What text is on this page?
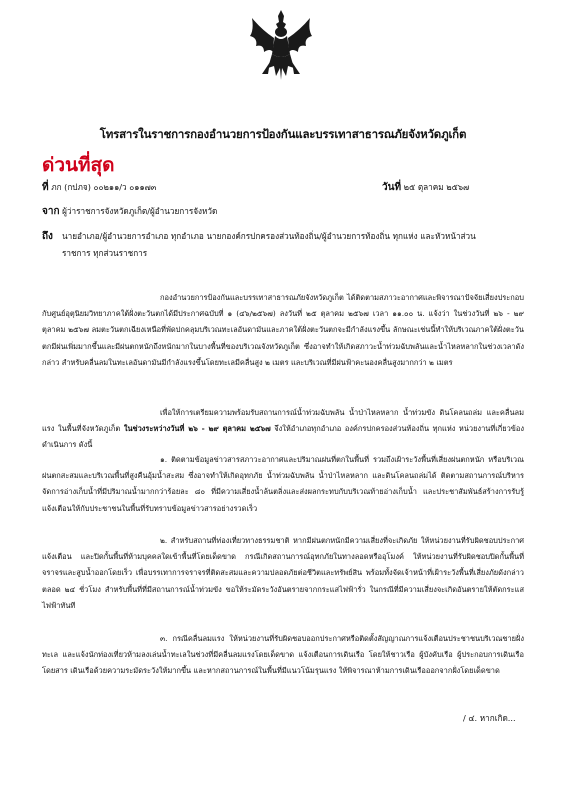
โทรสารในราชการกองอำนวยการป้องกันและบรรเทาสาธารณภัยจังหวัดภูเก็ต
ด่วนที่สุด
ที่ ภก (กปภจ) ๐๐๒๑๑/ว ๐๑๑๗๓	วันที่ ๒๕ ตุลาคม ๒๕๖๗
จาก ผู้ว่าราชการจังหวัดภูเก็ต/ผู้อำนวยการจังหวัด
ถึง นายอำเภอ/ผู้อำนวยการอำเภอ ทุกอำเภอ นายกองค์กรปกครองส่วนท้องถิ่น/ผู้อำนวยการท้องถิ่น ทุกแห่ง และหัวหน้าส่วนราชการ ทุกส่วนราชการ
กองอำนวยการป้องกันและบรรเทาสาธารณภัยจังหวัดภูเก็ต ได้ติดตามสภาวะอากาศและพิจารณาปัจจัยเสี่ยงประกอบกับศูนย์อุตุนิยมวิทยาภาคใต้ฝั่งตะวันตกได้มีประกาศฉบับที่ ๑ (๔๖/๒๕๖๗) ลงวันที่ ๒๕ ตุลาคม ๒๕๖๗ เวลา ๑๑.๐๐ น. แจ้งว่า ในช่วงวันที่ ๒๖ - ๒๙ ตุลาคม ๒๕๖๗ ลมตะวันตกเฉียงเหนือที่พัดปกคลุมบริเวณทะเลอันดามันและภาคใต้ฝั่งตะวันตกจะมีกำลังแรงขึ้น ลักษณะเช่นนี้ทำให้บริเวณภาคใต้ฝั่งตะวันตกมีฝนเพิ่มมากขึ้นและมีฝนตกหนักถึงหนักมากในบางพื้นที่ของบริเวณจังหวัดภูเก็ต ซึ่งอาจทำให้เกิดสภาวะน้ำท่วมฉับพลันและน้ำไหลหลากในช่วงเวลาดังกล่าว สำหรับคลื่นลมในทะเลอันดามันมีกำลังแรงขึ้นโดยทะเลมีคลื่นสูง ๒ เมตร และบริเวณที่มีฝนฟ้าคะนองคลื่นสูงมากกว่า ๒ เมตร
เพื่อให้การเตรียมความพร้อมรับสถานการณ์น้ำท่วมฉับพลัน น้ำป่าไหลหลาก น้ำท่วมขัง ดินโคลนถล่ม และคลื่นลมแรง ในพื้นที่จังหวัดภูเก็ต ในช่วงระหว่างวันที่ ๒๖ - ๒๙ ตุลาคม ๒๕๖๗ จึงให้อำเภอทุกอำเภอ องค์กรปกครองส่วนท้องถิ่น ทุกแห่ง หน่วยงานที่เกี่ยวข้องดำเนินการ ดังนี้
๑. ติดตามข้อมูลข่าวสารสภาวะอากาศและปริมาณฝนที่ตกในพื้นที่ รวมถึงเฝ้าระวังพื้นที่เสี่ยงฝนตกหนัก หรือบริเวณฝนตกสะสมและบริเวณพื้นที่สูงคืนอุ้มน้ำสะสม ซึ่งอาจทำให้เกิดอุทกภัย น้ำท่วมฉับพลัน น้ำป่าไหลหลาก และดินโคลนถล่มได้ ติดตามสถานการณ์บริหารจัดการอ่างเก็บน้ำที่มีปริมาณน้ำมากกว่าร้อยละ ๘๐ ที่มีความเสี่ยงน้ำล้นตลิ่งและส่งผลกระทบกับบริเวณท้ายอ่างเก็บน้ำ และประชาสัมพันธ์สร้างการรับรู้ แจ้งเตือนให้กับประชาชนในพื้นที่รับทราบข้อมูลข่าวสารอย่างรวดเร็ว
๒. สำหรับสถานที่ท่องเที่ยวทางธรรมชาติ หากมีฝนตกหนักมีความเสี่ยงที่จะเกิดภัย ให้หน่วยงานที่รับผิดชอบประกาศแจ้งเตือน และปิดกั้นพื้นที่ห้ามบุคคลใดเข้าพื้นที่โดยเด็ดขาด กรณีเกิดสถานการณ์อุทกภัยในทางลอดหรืออุโมงค์ ให้หน่วยงานที่รับผิดชอบปิดกั้นพื้นที่จราจรและสูบน้ำออกโดยเร็ว เพื่อบรรเทาการจราจรที่ติดสะสมและความปลอดภัยต่อชีวิตและทรัพย์สิน พร้อมทั้งจัดเจ้าหน้าที่เฝ้าระวังพื้นที่เสี่ยงภัยดังกล่าว ตลอด ๒๔ ชั่วโมง สำหรับพื้นที่ที่มีสถานการณ์น้ำท่วมขัง ขอให้ระมัดระวังอันตรายจากกระแสไฟฟ้ารั่ว ในกรณีที่มีความเสี่ยงจะเกิดอันตรายให้ตัดกระแสไฟฟ้าทันที
๓. กรณีคลื่นลมแรง ให้หน่วยงานที่รับผิดชอบออกประกาศหรือติดตั้งสัญญาณการแจ้งเตือนประชาชนบริเวณชายฝั่งทะเล และแจ้งนักท่องเที่ยวห้ามลงเล่นน้ำทะเลในช่วงที่มีคลื่นลมแรงโดยเด็ดขาด แจ้งเตือนการเดินเรือ โดยให้ชาวเรือ ผู้บังคับเรือ ผู้ประกอบการเดินเรือโดยสาร เดินเรือด้วยความระมัดระวังให้มากขึ้น และหากสถานการณ์ในพื้นที่มีแนวโน้มรุนแรง ให้พิจารณาห้ามการเดินเรือออกจากฝั่งโดยเด็ดขาด
/ ๔. หากเกิด...
